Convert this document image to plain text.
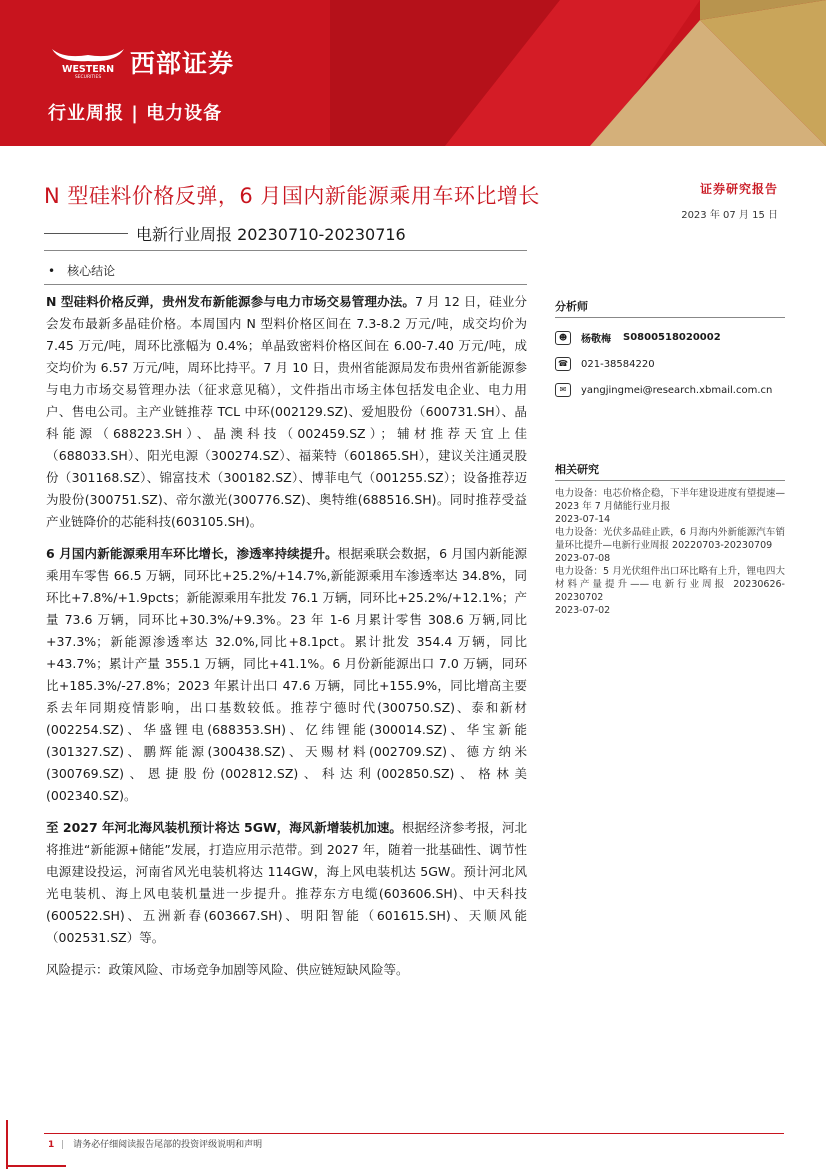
WESTERN
SECURITIES 西部证券
行业周报 | 电力设备
N 型硅料价格反弹，6 月国内新能源乘用车环比增长
电新行业周报 20230710-20230716
证券研究报告
2023 年 07 月 15 日
• 核心结论

N 型硅料价格反弹，贵州发布新能源参与电力市场交易管理办法。7 月 12 日，硅业分会发布最新多晶硅价格。本周国内 N 型料价格区间在 7.3-8.2 万元/吨，成交均价为 7.45 万元/吨，周环比涨幅为 0.4%；单晶致密料价格区间在 6.00-7.40 万元/吨，成交均价为 6.57 万元/吨，周环比持平。7 月 10 日，贵州省能源局发布贵州省新能源参与电力市场交易管理办法（征求意见稿），文件指出市场主体包括发电企业、电力用户、售电公司。主产业链推荐 TCL 中环(002129.SZ)、爱旭股份（600731.SH）、晶科能源（688223.SH）、晶澳科技（002459.SZ）；辅材推荐天宜上佳（688033.SH）、阳光电源（300274.SZ）、福莱特（601865.SH），建议关注通灵股份（301168.SZ）、锦富技术（300182.SZ）、博菲电气（001255.SZ）；设备推荐迈为股份(300751.SZ)、帝尔激光(300776.SZ)、奥特维(688516.SH)。同时推荐受益产业链降价的芯能科技(603105.SH)。

6 月国内新能源乘用车环比增长，渗透率持续提升。根据乘联会数据，6 月国内新能源乘用车零售 66.5 万辆，同环比+25.2%/+14.7%,新能源乘用车渗透率达 34.8%，同环比+7.8%/+1.9pcts；新能源乘用车批发 76.1 万辆，同环比+25.2%/+12.1%；产量 73.6 万辆，同环比+30.3%/+9.3%。23 年 1-6 月累计零售 308.6 万辆,同比+37.3%；新能源渗透率达 32.0%,同比+8.1pct。累计批发 354.4 万辆，同比+43.7%；累计产量 355.1 万辆，同比+41.1%。6 月份新能源出口 7.0 万辆，同环比+185.3%/-27.8%；2023 年累计出口 47.6 万辆，同比+155.9%，同比增高主要系去年同期疫情影响，出口基数较低。推荐宁德时代(300750.SZ)、泰和新材(002254.SZ)、华盛锂电(688353.SH)、亿纬锂能(300014.SZ)、华宝新能(301327.SZ)、鹏辉能源(300438.SZ)、天赐材料(002709.SZ)、德方纳米(300769.SZ)、恩捷股份(002812.SZ)、科达利(002850.SZ)、格林美(002340.SZ)。

至 2027 年河北海风装机预计将达 5GW，海风新增装机加速。根据经济参考报，河北将推进“新能源+储能”发展，打造应用示范带。到 2027 年，随着一批基础性、调节性电源建设投运，河南省风光电装机将达 114GW，海上风电装机达 5GW。预计河北风光电装机、海上风电装机量进一步提升。推荐东方电缆(603606.SH)、中天科技(600522.SH)、五洲新春(603667.SH)、明阳智能（601615.SH)、天顺风能（002531.SZ）等。

风险提示：政策风险、市场竞争加剧等风险、供应链短缺风险等。

分析师
☻	杨敬梅 S0800518020002
☎	021-38584220
✉	yangjingmei@research.xbmail.com.cn
相关研究
电力设备：电芯价格企稳，下半年建设进度有望提速—2023 年 7 月储能行业月报
2023-07-14
电力设备：光伏多晶硅止跌，6 月海内外新能源汽车销量环比提升—电新行业周报 20220703-20230709
2023-07-08
电力设备：5 月光伏组件出口环比略有上升，锂电四大材料产量提升——电新行业周报 20230626-20230702
2023-07-02
1 | 请务必仔细阅读报告尾部的投资评级说明和声明
